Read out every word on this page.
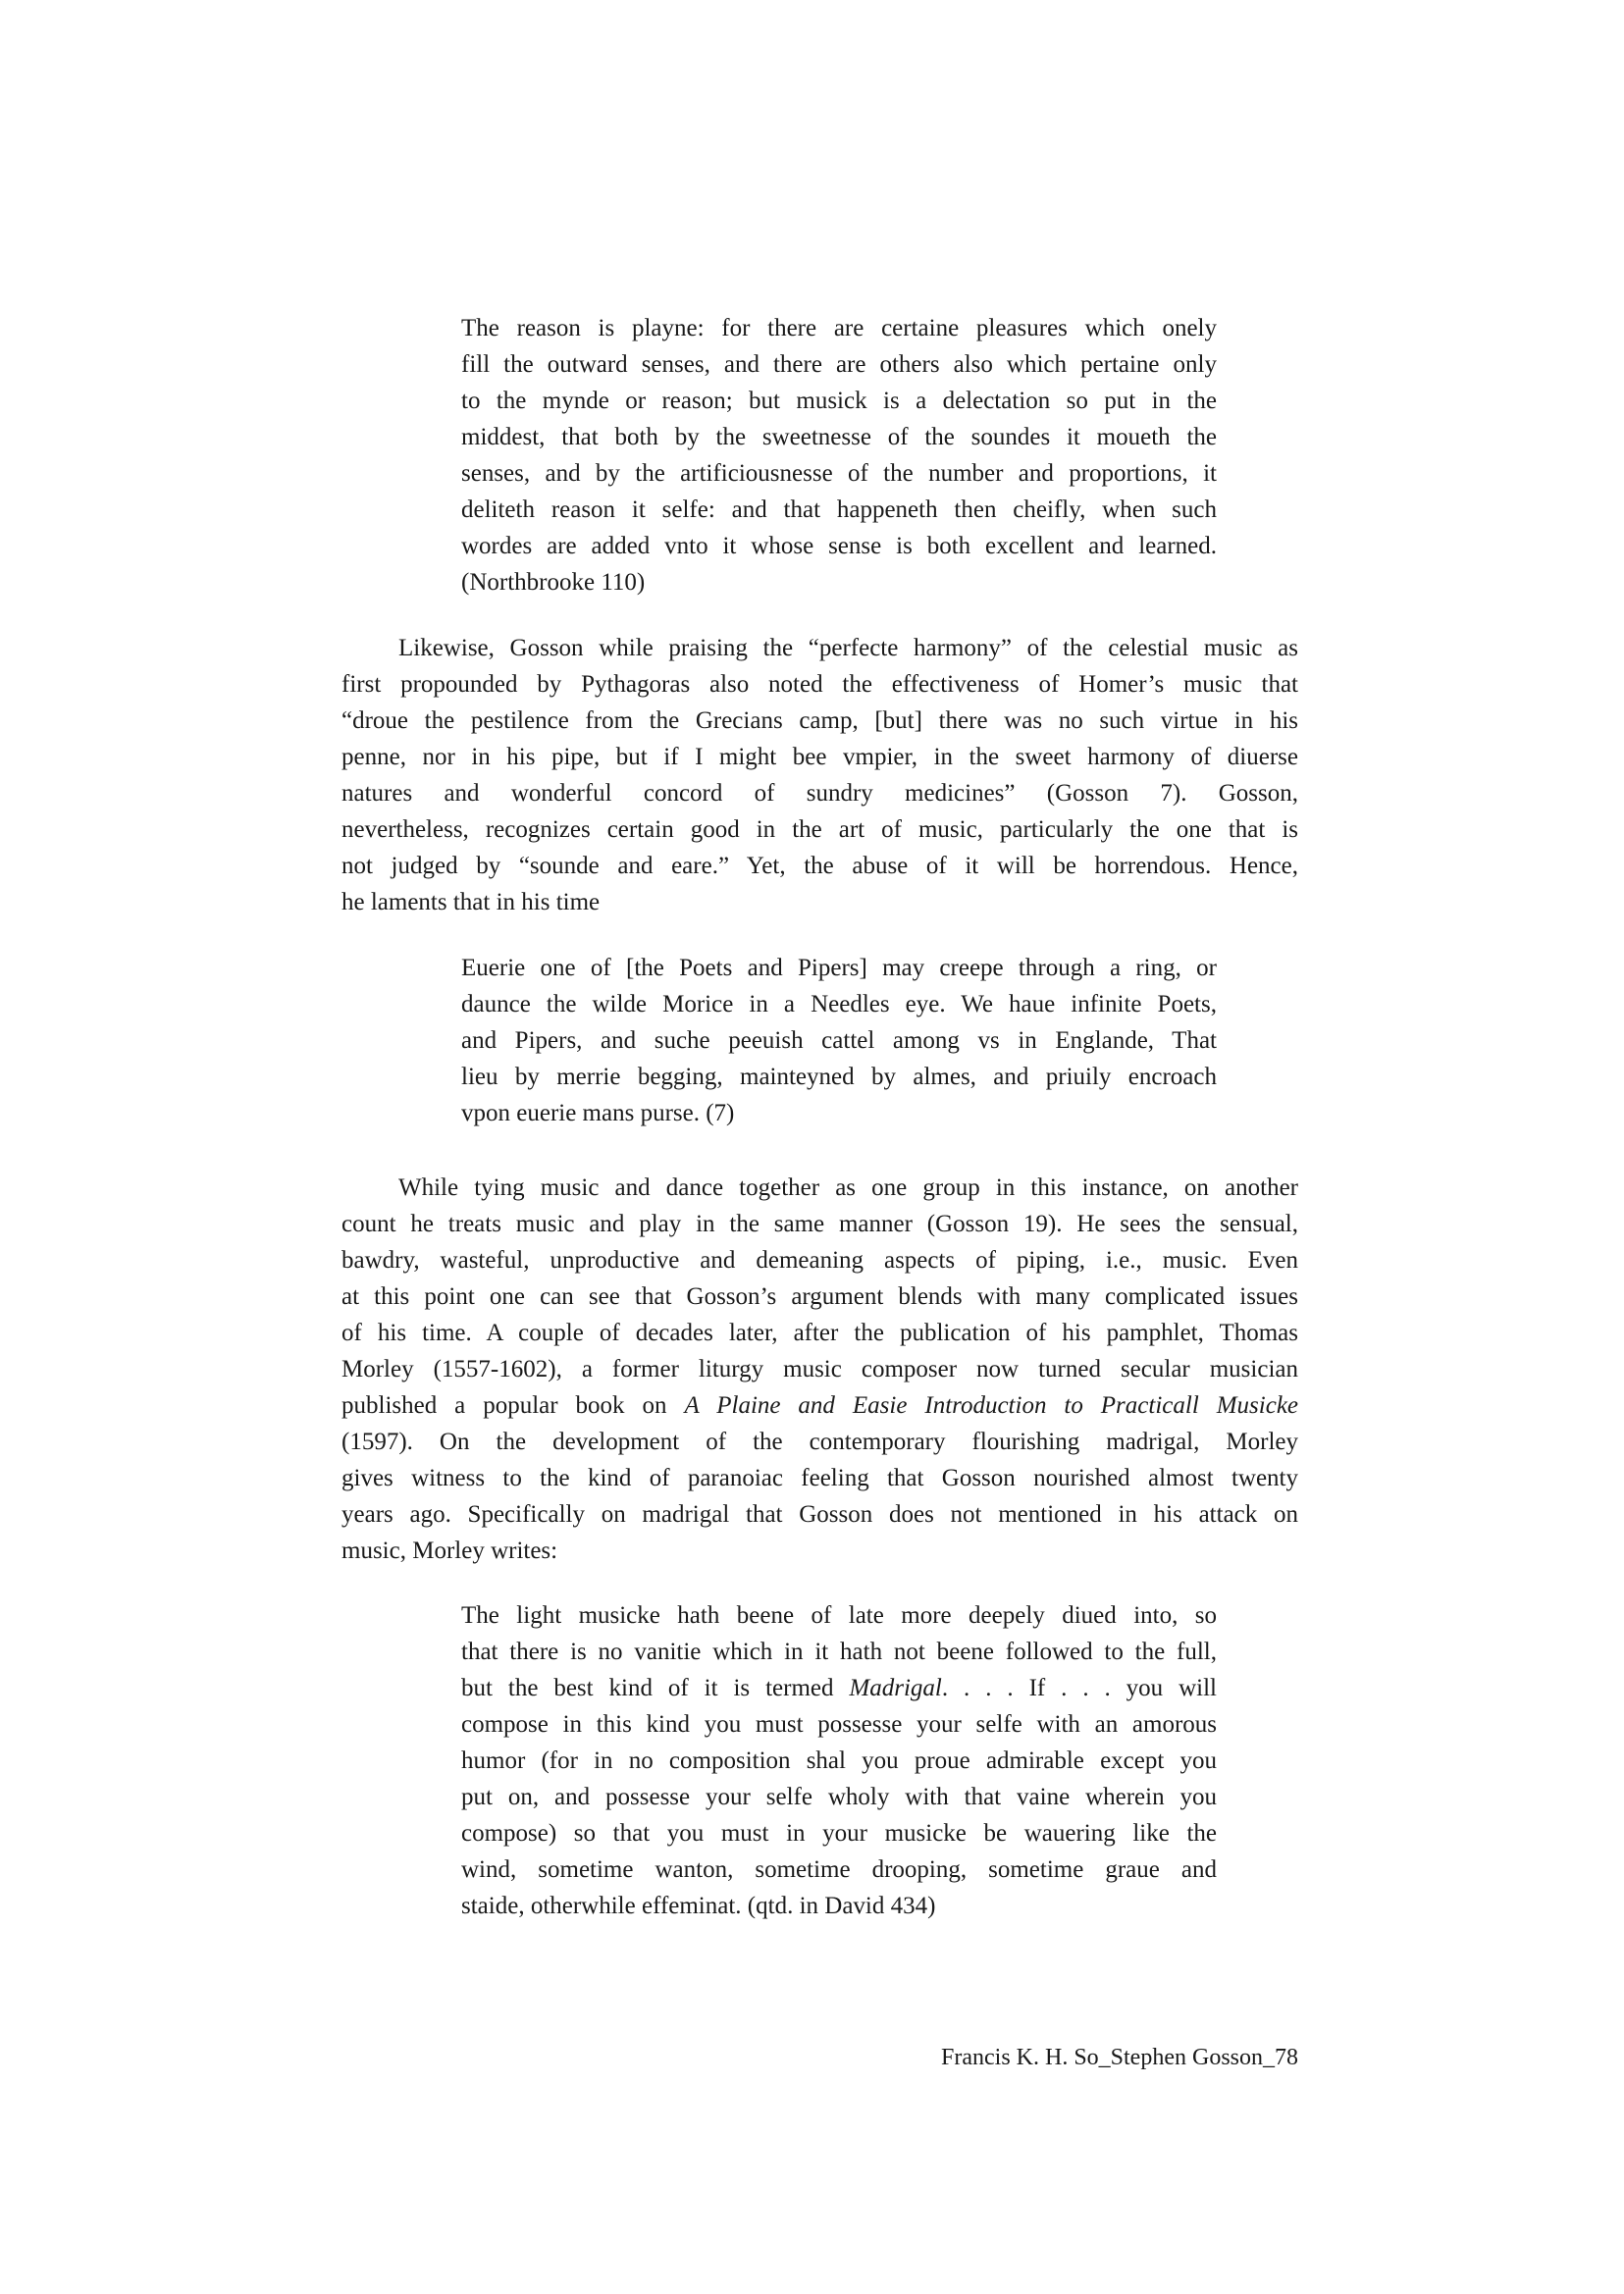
The reason is playne: for there are certaine pleasures which onely
fill the outward senses, and there are others also which pertaine only
to the mynde or reason; but musick is a delectation so put in the
middest, that both by the sweetnesse of the soundes it moueth the
senses, and by the artificiousnesse of the number and proportions, it
deliteth reason it selfe: and that happeneth then cheifly, when such
wordes are added vnto it whose sense is both excellent and learned.
(Northbrooke 110)
Likewise, Gosson while praising the “perfecte harmony” of the celestial music as
first propounded by Pythagoras also noted the effectiveness of Homer’s music that
“droue the pestilence from the Grecians camp, [but] there was no such virtue in his
penne, nor in his pipe, but if I might bee vmpier, in the sweet harmony of diuerse
natures and wonderful concord of sundry medicines” (Gosson 7). Gosson,
nevertheless, recognizes certain good in the art of music, particularly the one that is
not judged by “sounde and eare.” Yet, the abuse of it will be horrendous. Hence,
he laments that in his time
Euerie one of [the Poets and Pipers] may creepe through a ring, or
daunce the wilde Morice in a Needles eye. We haue infinite Poets,
and Pipers, and suche peeuish cattel among vs in Englande, That
lieu by merrie begging, mainteyned by almes, and priuily encroach
vpon euerie mans purse. (7)
While tying music and dance together as one group in this instance, on another
count he treats music and play in the same manner (Gosson 19). He sees the sensual,
bawdry, wasteful, unproductive and demeaning aspects of piping, i.e., music. Even
at this point one can see that Gosson’s argument blends with many complicated issues
of his time. A couple of decades later, after the publication of his pamphlet, Thomas
Morley (1557-1602), a former liturgy music composer now turned secular musician
published a popular book on A Plaine and Easie Introduction to Practicall Musicke
(1597). On the development of the contemporary flourishing madrigal, Morley
gives witness to the kind of paranoiac feeling that Gosson nourished almost twenty
years ago. Specifically on madrigal that Gosson does not mentioned in his attack on
music, Morley writes:
The light musicke hath beene of late more deepely diued into, so
that there is no vanitie which in it hath not beene followed to the full,
but the best kind of it is termed Madrigal. . . . If . . . you will
compose in this kind you must possesse your selfe with an amorous
humor (for in no composition shal you proue admirable except you
put on, and possesse your selfe wholy with that vaine wherein you
compose) so that you must in your musicke be wauering like the
wind, sometime wanton, sometime drooping, sometime graue and
staide, otherwhile effeminat. (qtd. in David 434)
Francis K. H. So_Stephen Gosson_78
